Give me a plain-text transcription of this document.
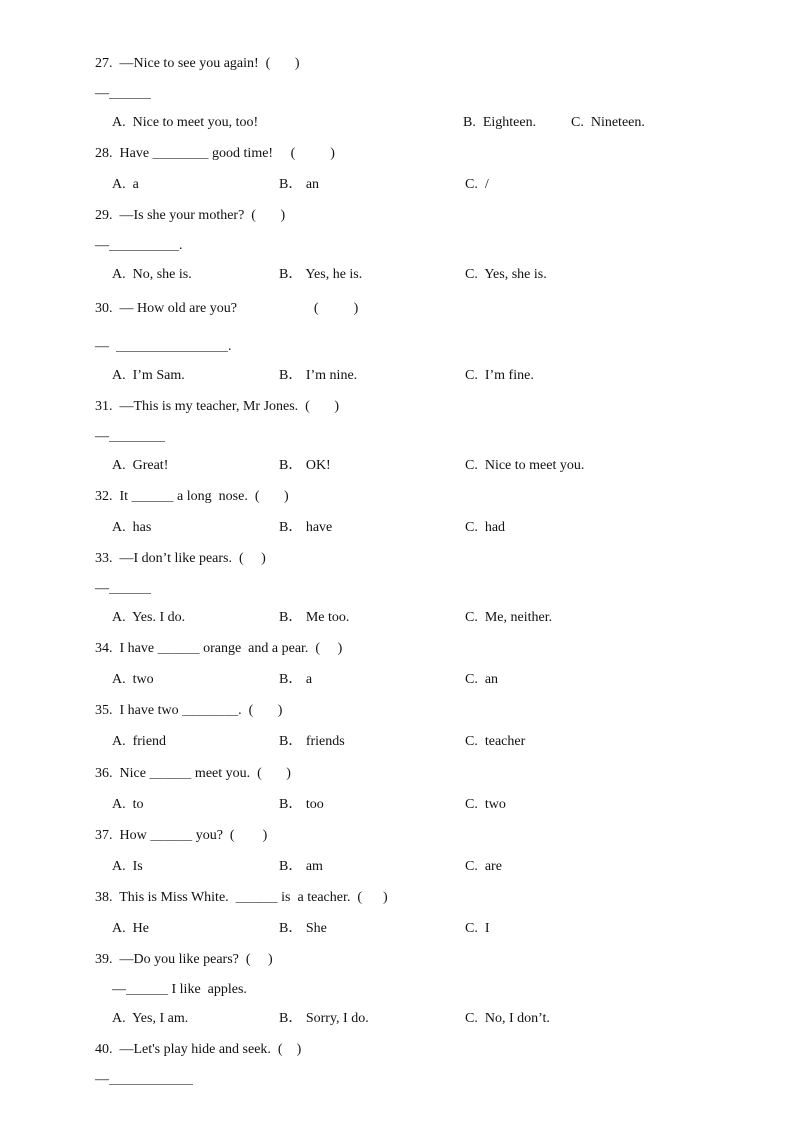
27.  —Nice to see you again!  (       )
—＿＿＿
A.  Nice to meet you, too!	B.  Eighteen. C.  Nineteen.
28.  Have ＿＿＿＿ good time!     (          )
A.  a	B． an	C.  /
29.  —Is she your mother?  (       )
—＿＿＿＿＿.
A.  No, she is.	B． Yes, he is.	C.  Yes, she is.
30.  — How old are you?                      (          )
—  ＿＿＿＿＿＿＿＿.
A.  I’m Sam.	B． I’m nine.	C.  I’m fine.
31.  —This is my teacher, Mr Jones.  (       )
—＿＿＿＿
A.  Great!	B． OK!	C.  Nice to meet you.
32.  It ＿＿＿ a long  nose.  (       )
A.  has	B． have	C.  had
33.  —I don’t like pears.  (     )
—＿＿＿
A.  Yes. I do.	B． Me too.	C.  Me, neither.
34.  I have ＿＿＿ orange  and a pear.  (     )
A.  two	B． a	C.  an
35.  I have two ＿＿＿＿.  (       )
A.  friend	B． friends	C.  teacher
36.  Nice ＿＿＿ meet you.  (       )
A.  to	B． too	C.  two
37.  How ＿＿＿ you?  (        )
A.  Is	B． am	C.  are
38.  This is Miss White.  ＿＿＿ is  a teacher.  (      )
A.  He	B． She	C.  I
39.  —Do you like pears?  (     )
—＿＿＿ I like  apples.
A.  Yes, I am.	B． Sorry, I do.	C.  No, I don’t.
40.  —Let's play hide and seek.  (    )
—＿＿＿＿＿＿
